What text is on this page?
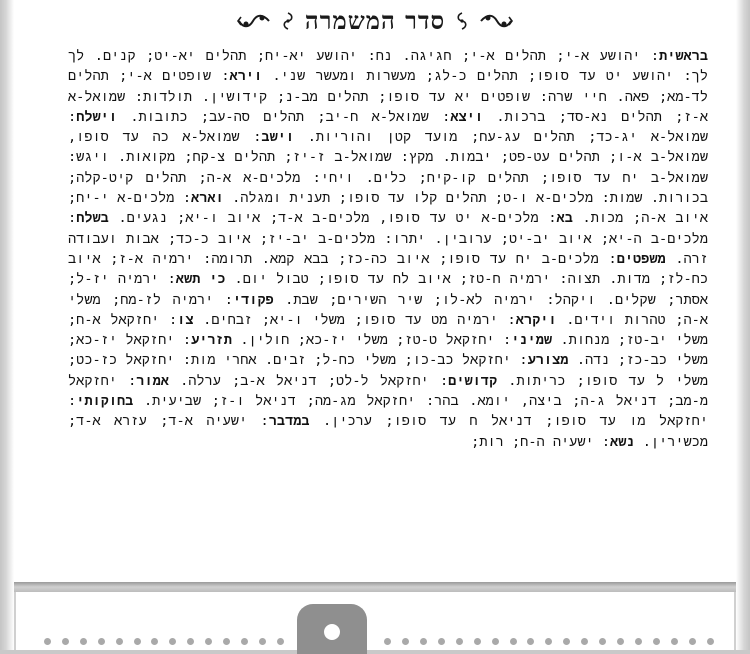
סדר המשמרה
בראשית: יהושע א-י; תהלים א-י; חגיגה. נח: יהושע יא-יח; תהלים יא-יט; קנים. לך לך: יהושע יט עד סופו; תהלים כ-לג; מעשרות ומעשר שני. וירא: שופטים א-י; תהלים לד-מא; פאה. חיי שרה: שופטים יא עד סופו; תהלים מב-נ; קידושין. תולדות: שמואל-א א-ז; תהלים נא-סד; ברכות. ויצא: שמואל-א ח-יב; תהלים סה-עב; כתובות. וישלח: שמואל-א יג-כד; תהלים עג-עח; מועד קטן והוריות. וישב: שמואל-א כה עד סופו, שמואל-ב א-ו; תהלים עט-פט; יבמות. מקץ: שמואל-ב ז-יז; תהלים צ-קח; מקואות. ויגש: שמואל-ב יח עד סופו; תהלים קו-קיח; כלים. ויחי: מלכים-א א-ה; תהלים קיט-קלה; בכורות. שמות: מלכים-א ו-ט; תהלים קלו עד סופו; תענית ומגלה. וארא: מלכים-א י-יח; איוב א-ה; מכות. בא: מלכים-א יט עד סופו, מלכים-ב א-ד; איוב ו-יא; נגעים. בשלח: מלכים-ב ה-יא; איוב יב-יט; ערובין. יתרו: מלכים-ב יב-יז; איוב כ-כד; אבות ועבודה זרה. משפטים: מלכים-ב יח עד סופו; איוב כה-כז; בבא קמא. תרומה: ירמיה א-ז; איוב כח-לז; מדות. תצוה: ירמיה ח-טז; איוב לח עד סופו; טבול יום. כי תשא: ירמיה יז-ל; אסתר; שקלים. ויקהל: ירמיה לא-לו; שיר השירים; שבת. פקודי: ירמיה לז-מח; משלי א-ה; טהרות וידים. ויקרא: ירמיה מט עד סופו; משלי ו-יא; זבחים. צו: יחזקאל א-ח; משלי יב-טז; מנחות. שמיני: יחזקאל ט-טז; משלי יז-כא; חולין. תזריע: יחזקאל יז-כא; משלי כב-כז; נדה. מצורע: יחזקאל כב-כו; משלי כח-ל; זבים. אחרי מות: יחזקאל כז-כט; משלי ל עד סופו; כריתות. קדושים: יחזקאל ל-לט; דניאל א-ב; ערלה. אמור: יחזקאל מ-מב; דניאל ג-ה; ביצה, יומא. בהר: יחזקאל מג-מה; דניאל ו-ז; שביעית. בחוקותי: יחזקאל מו עד סופו; דניאל ח עד סופו; ערכין. במדבר: ישעיה א-ד; עזרא א-ד; מכשירין. נשא: ישעיה ה-ח; רות;
